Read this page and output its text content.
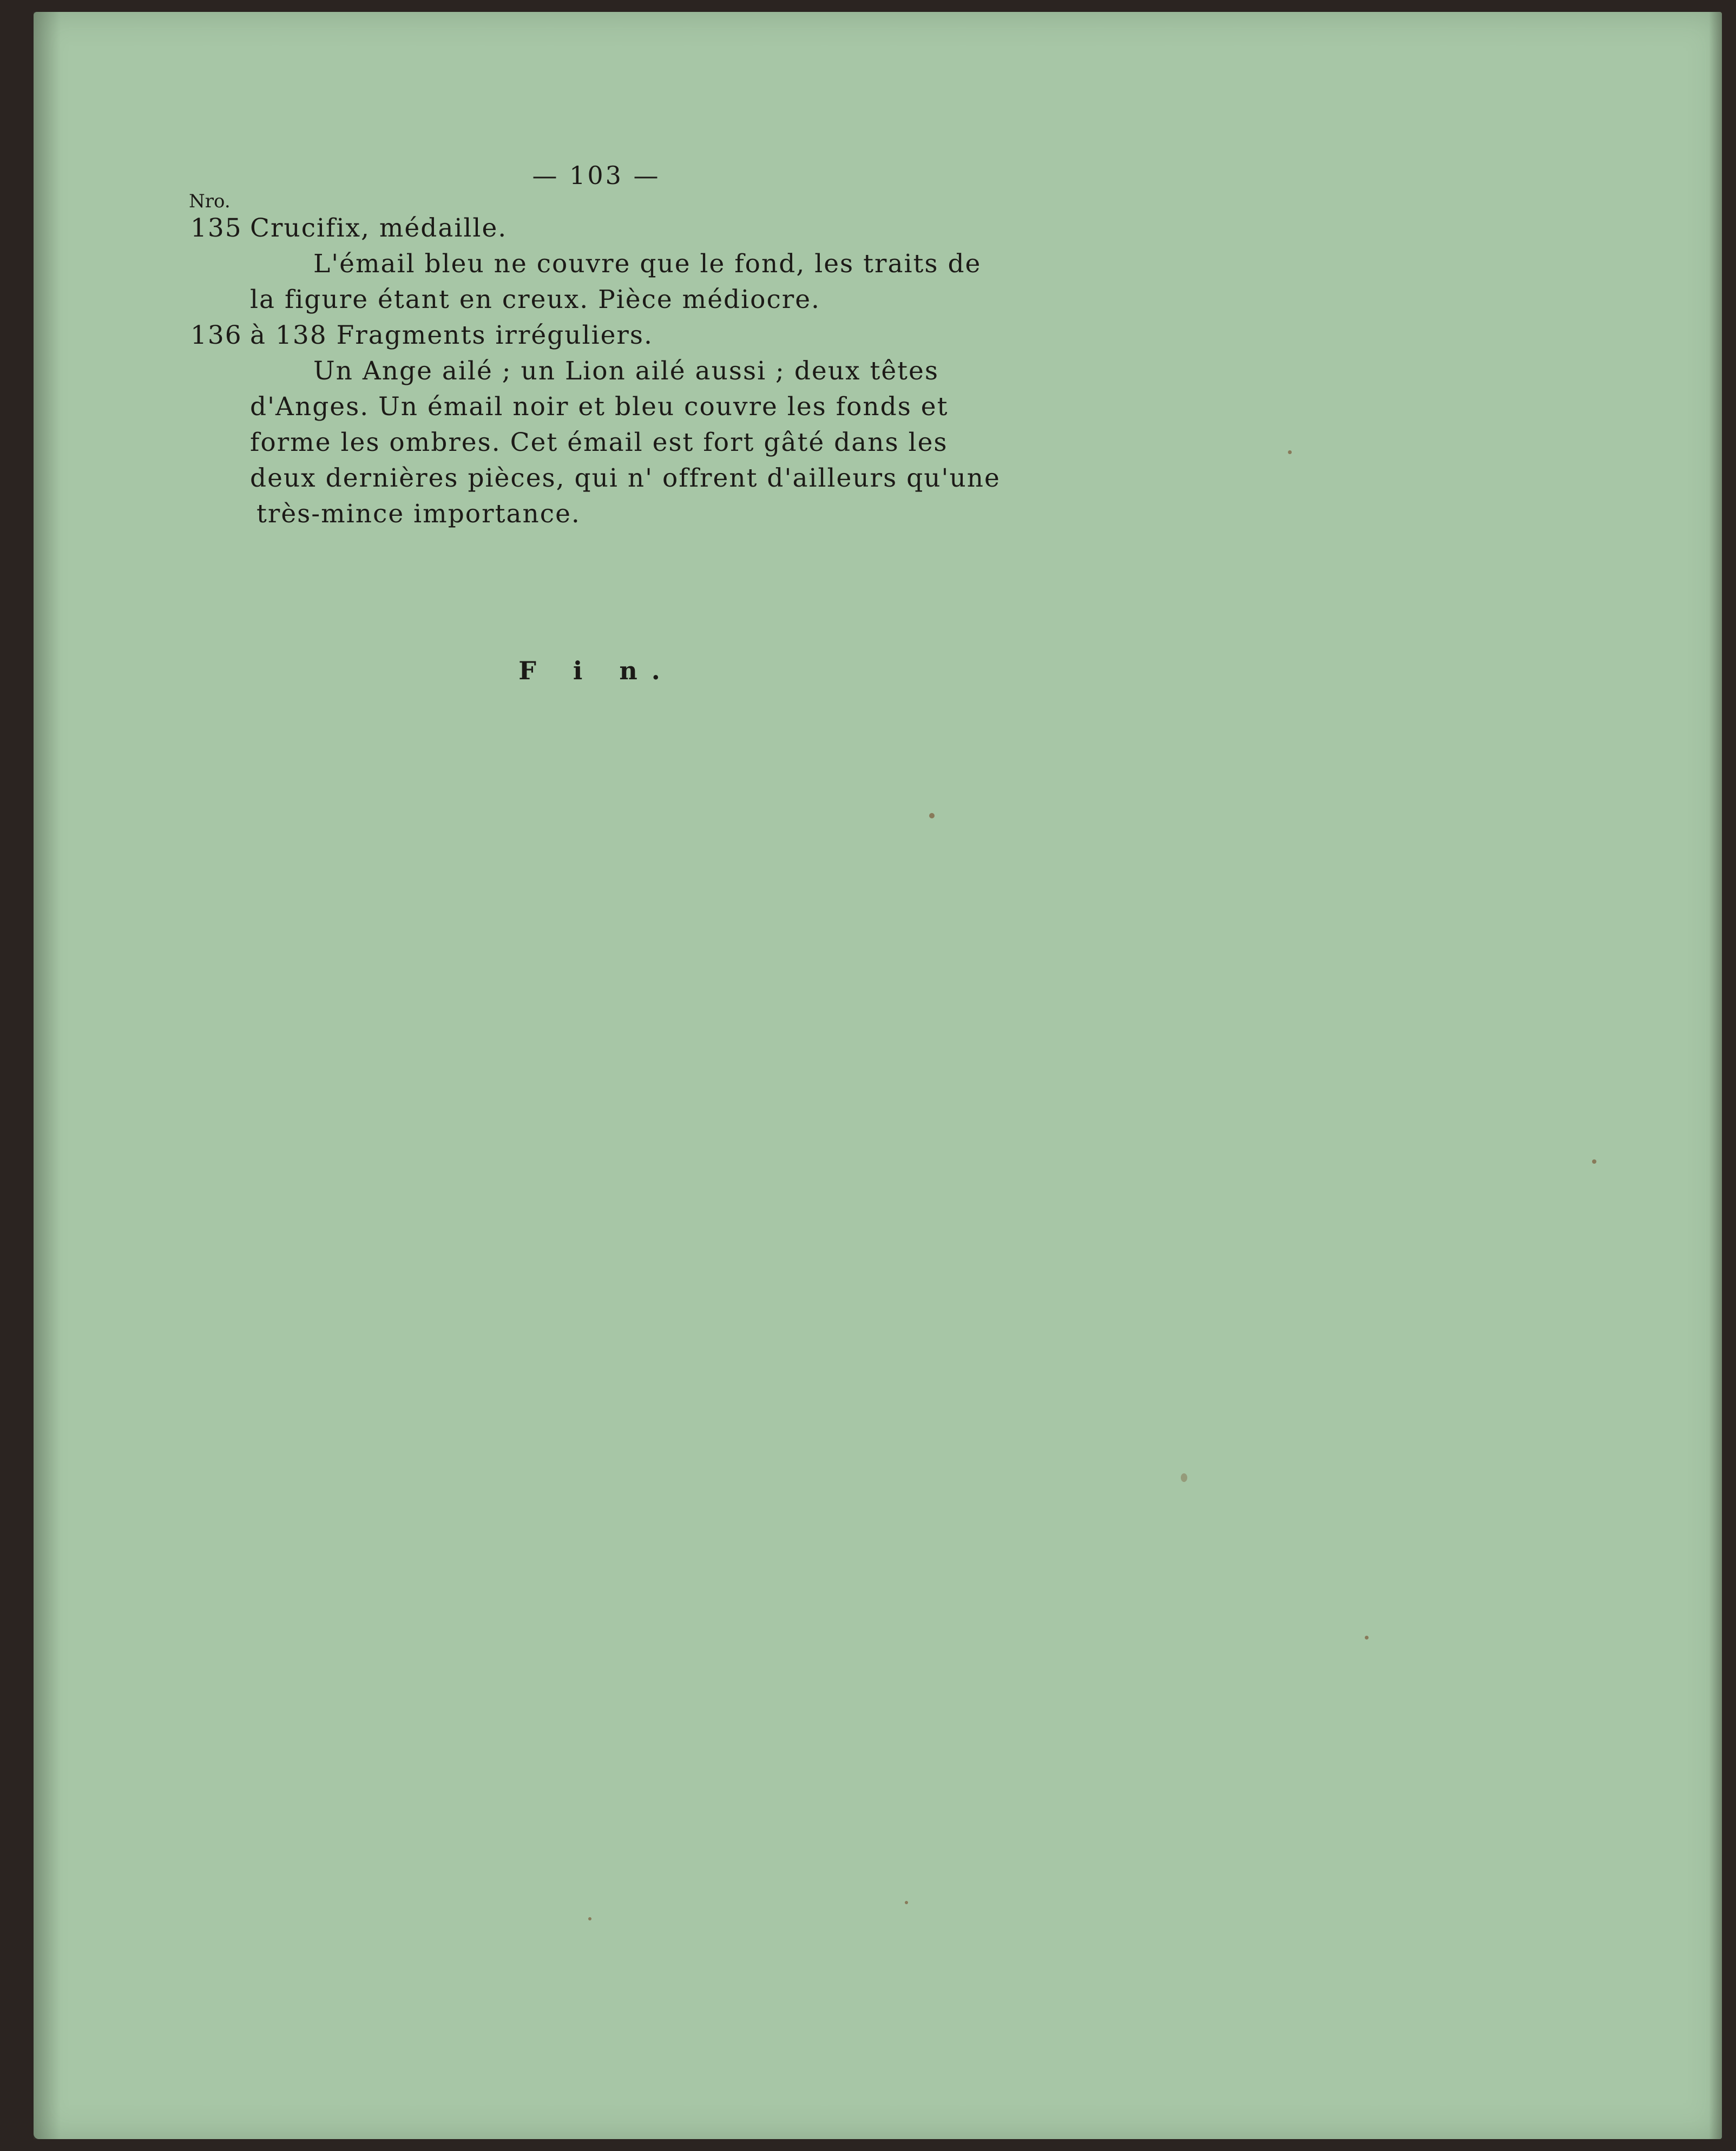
— 103 —
Nro.
135 Crucifix, médaille.
L'émail bleu ne couvre que le fond, les traits de
la figure étant en creux. Pièce médiocre.
136 à 138 Fragments irréguliers.
Un Ange ailé ; un Lion ailé aussi ; deux têtes
d'Anges. Un émail noir et bleu couvre les fonds et
forme les ombres. Cet émail est fort gâté dans les
deux dernières pièces, qui n' offrent d'ailleurs qu'une
très-mince importance.
F i n.
